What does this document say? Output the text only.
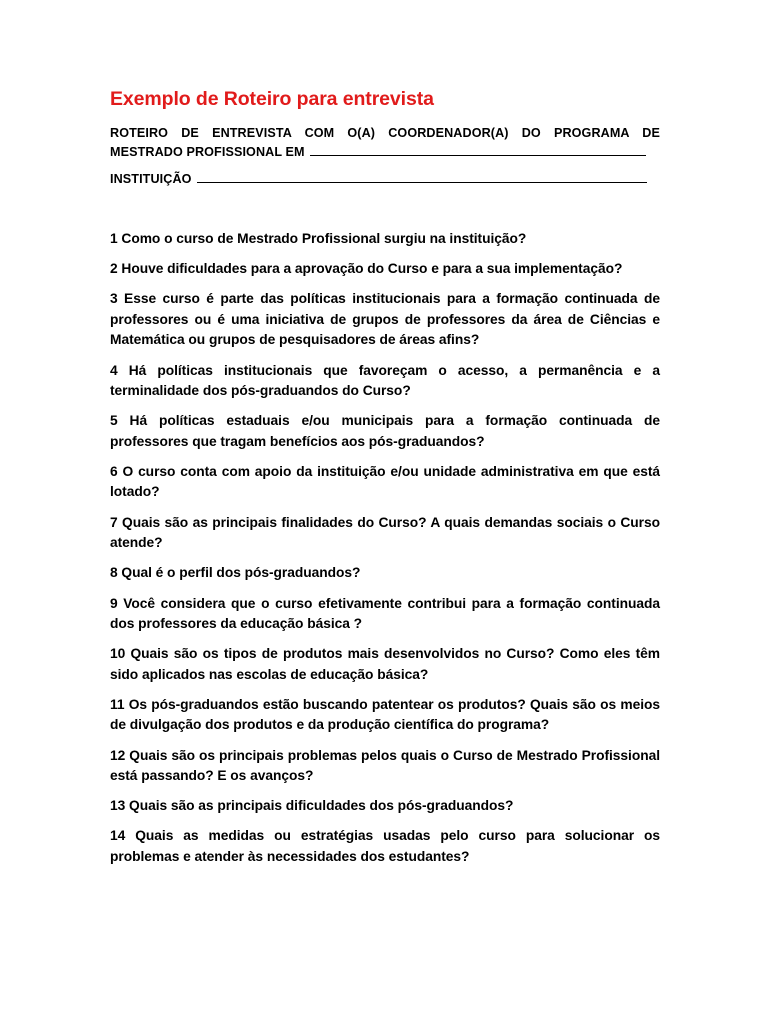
Exemplo de Roteiro para entrevista
ROTEIRO DE ENTREVISTA COM O(A) COORDENADOR(A) DO PROGRAMA DE MESTRADO PROFISSIONAL EM
INSTITUIÇÃO
1 Como o curso de Mestrado Profissional surgiu na instituição?
2 Houve dificuldades para a aprovação do Curso e para a sua implementação?
3 Esse curso é parte das políticas institucionais para a formação continuada de professores ou é uma iniciativa de grupos de professores da área de Ciências e Matemática ou grupos de pesquisadores de áreas afins?
4 Há políticas institucionais que favoreçam o acesso, a permanência e a terminalidade dos pós-graduandos do Curso?
5 Há políticas estaduais e/ou municipais para a formação continuada de professores que tragam benefícios aos pós-graduandos?
6 O curso conta com apoio da instituição e/ou unidade administrativa em que está lotado?
7 Quais são as principais finalidades do Curso? A quais demandas sociais o Curso atende?
8 Qual é o perfil dos pós-graduandos?
9 Você considera que o curso efetivamente contribui para a formação continuada dos professores da educação básica ?
10 Quais são os tipos de produtos mais desenvolvidos no Curso? Como eles têm sido aplicados nas escolas de educação básica?
11 Os pós-graduandos estão buscando patentear os produtos? Quais são os meios de divulgação dos produtos e da produção científica do programa?
12 Quais são os principais problemas pelos quais o Curso de Mestrado Profissional está passando? E os avanços?
13 Quais são as principais dificuldades dos pós-graduandos?
14 Quais as medidas ou estratégias usadas pelo curso para solucionar os problemas e atender às necessidades dos estudantes?
